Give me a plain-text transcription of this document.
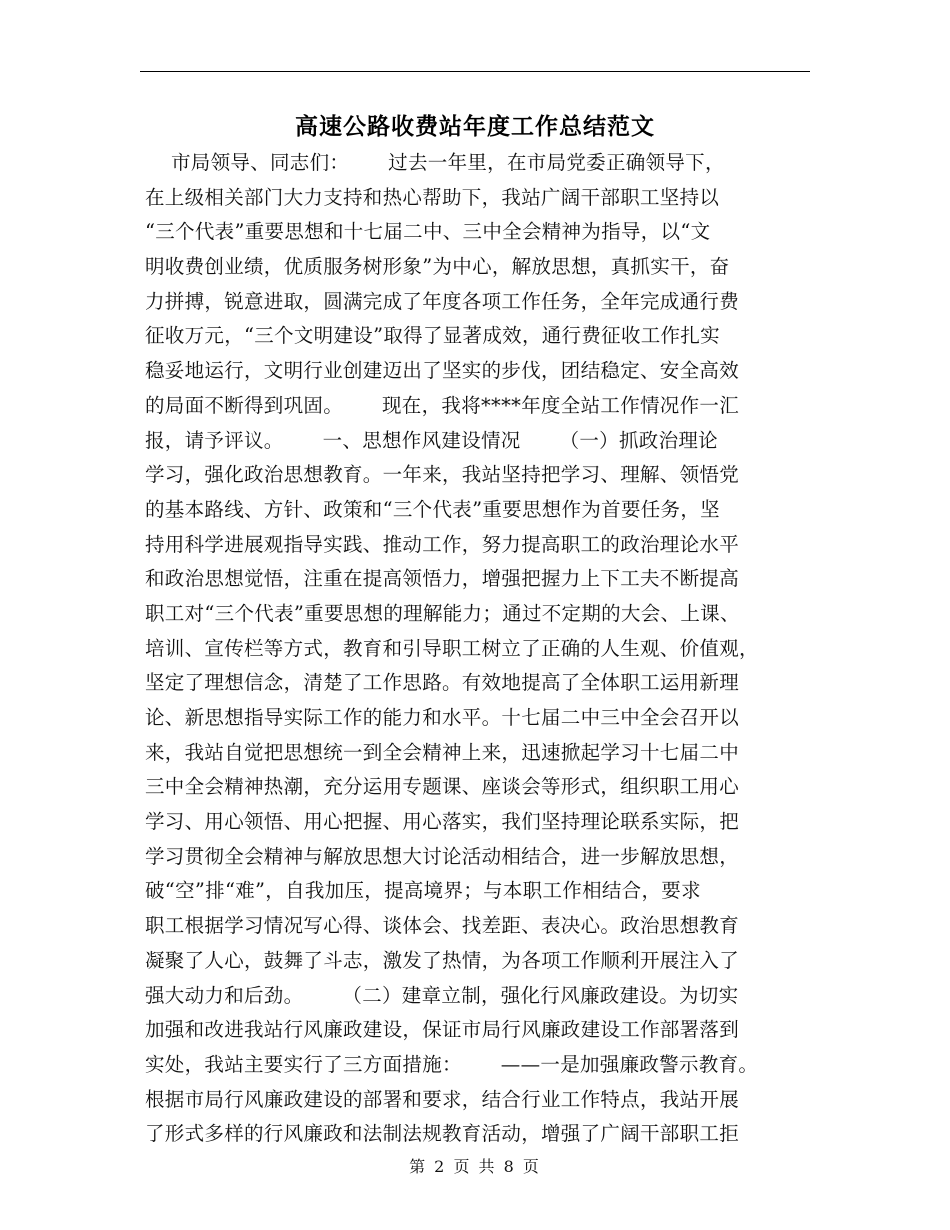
高速公路收费站年度工作总结范文
市局领导、同志们：      过去一年里，在市局党委正确领导下，
在上级相关部门大力支持和热心帮助下，我站广阔干部职工坚持以
“三个代表”重要思想和十七届二中、三中全会精神为指导，以“文
明收费创业绩，优质服务树形象”为中心，解放思想，真抓实干，奋
力拼搏，锐意进取，圆满完成了年度各项工作任务，全年完成通行费
征收万元，“三个文明建设”取得了显著成效，通行费征收工作扎实
稳妥地运行，文明行业创建迈出了坚实的步伐，团结稳定、安全高效
的局面不断得到巩固。      现在，我将****年度全站工作情况作一汇
报，请予评议。      一、思想作风建设情况      （一）抓政治理论
学习，强化政治思想教育。一年来，我站坚持把学习、理解、领悟党
的基本路线、方针、政策和“三个代表”重要思想作为首要任务，坚
持用科学进展观指导实践、推动工作，努力提高职工的政治理论水平
和政治思想觉悟，注重在提高领悟力，增强把握力上下工夫不断提高
职工对“三个代表”重要思想的理解能力；通过不定期的大会、上课、
培训、宣传栏等方式，教育和引导职工树立了正确的人生观、价值观，
坚定了理想信念，清楚了工作思路。有效地提高了全体职工运用新理
论、新思想指导实际工作的能力和水平。十七届二中三中全会召开以
来，我站自觉把思想统一到全会精神上来，迅速掀起学习十七届二中
三中全会精神热潮，充分运用专题课、座谈会等形式，组织职工用心
学习、用心领悟、用心把握、用心落实，我们坚持理论联系实际，把
学习贯彻全会精神与解放思想大讨论活动相结合，进一步解放思想，
破“空”排“难”，自我加压，提高境界；与本职工作相结合，要求
职工根据学习情况写心得、谈体会、找差距、表决心。政治思想教育
凝聚了人心，鼓舞了斗志，激发了热情，为各项工作顺利开展注入了
强大动力和后劲。      （二）建章立制，强化行风廉政建设。为切实
加强和改进我站行风廉政建设，保证市局行风廉政建设工作部署落到
实处，我站主要实行了三方面措施：      ——一是加强廉政警示教育。
根据市局行风廉政建设的部署和要求，结合行业工作特点，我站开展
了形式多样的行风廉政和法制法规教育活动，增强了广阔干部职工拒
第 2 页 共 8 页
